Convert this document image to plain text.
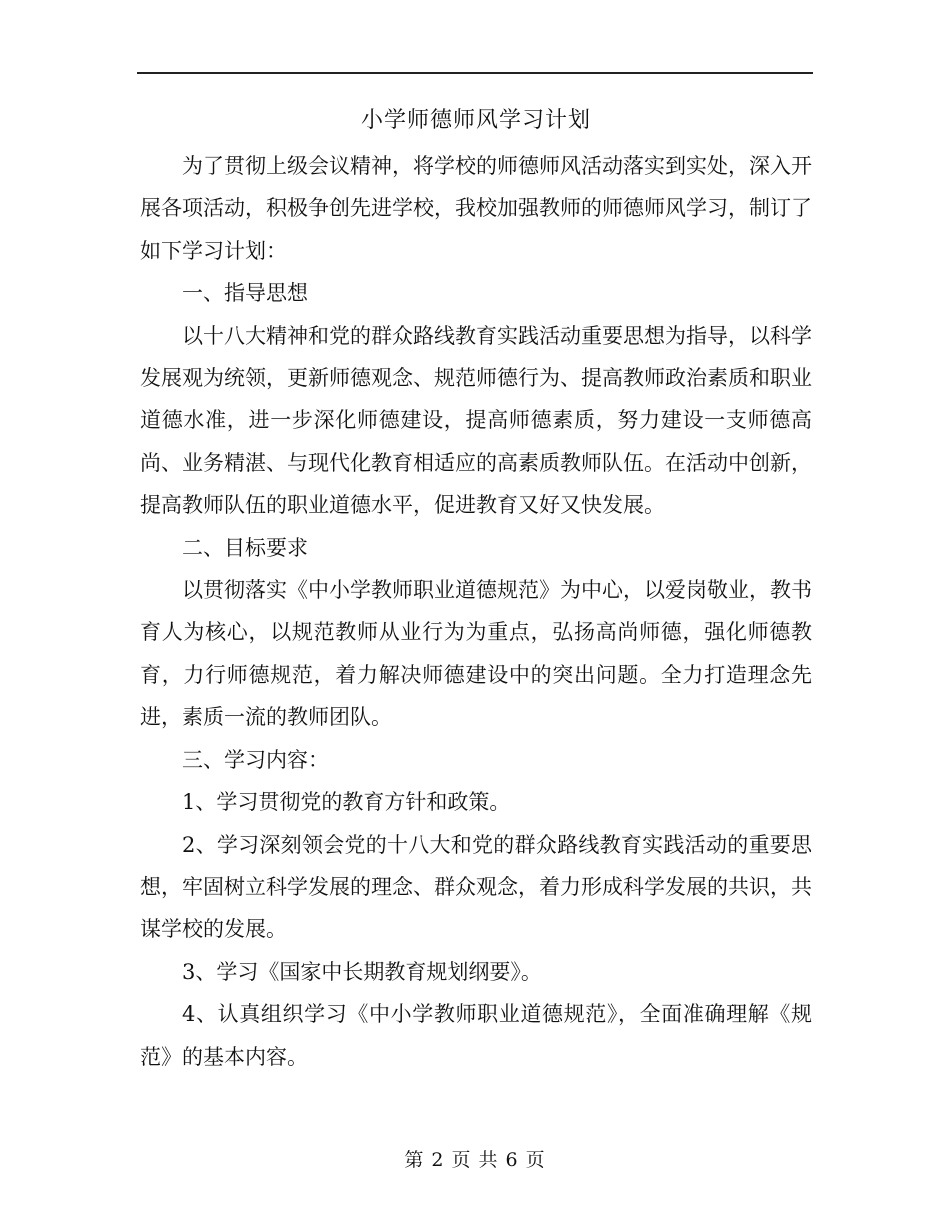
小学师德师风学习计划

为了贯彻上级会议精神，将学校的师德师风活动落实到实处，深入开展各项活动，积极争创先进学校，我校加强教师的师德师风学习，制订了如下学习计划：

一、指导思想

以十八大精神和党的群众路线教育实践活动重要思想为指导，以科学发展观为统领，更新师德观念、规范师德行为、提高教师政治素质和职业道德水准，进一步深化师德建设，提高师德素质，努力建设一支师德高尚、业务精湛、与现代化教育相适应的高素质教师队伍。在活动中创新，提高教师队伍的职业道德水平，促进教育又好又快发展。

二、目标要求

以贯彻落实《中小学教师职业道德规范》为中心，以爱岗敬业，教书育人为核心，以规范教师从业行为为重点，弘扬高尚师德，强化师德教育，力行师德规范，着力解决师德建设中的突出问题。全力打造理念先进，素质一流的教师团队。

三、学习内容：

1、学习贯彻党的教育方针和政策。

2、学习深刻领会党的十八大和党的群众路线教育实践活动的重要思想，牢固树立科学发展的理念、群众观念，着力形成科学发展的共识，共谋学校的发展。

3、学习《国家中长期教育规划纲要》。

4、认真组织学习《中小学教师职业道德规范》，全面准确理解《规范》的基本内容。

第 2 页 共 6 页
